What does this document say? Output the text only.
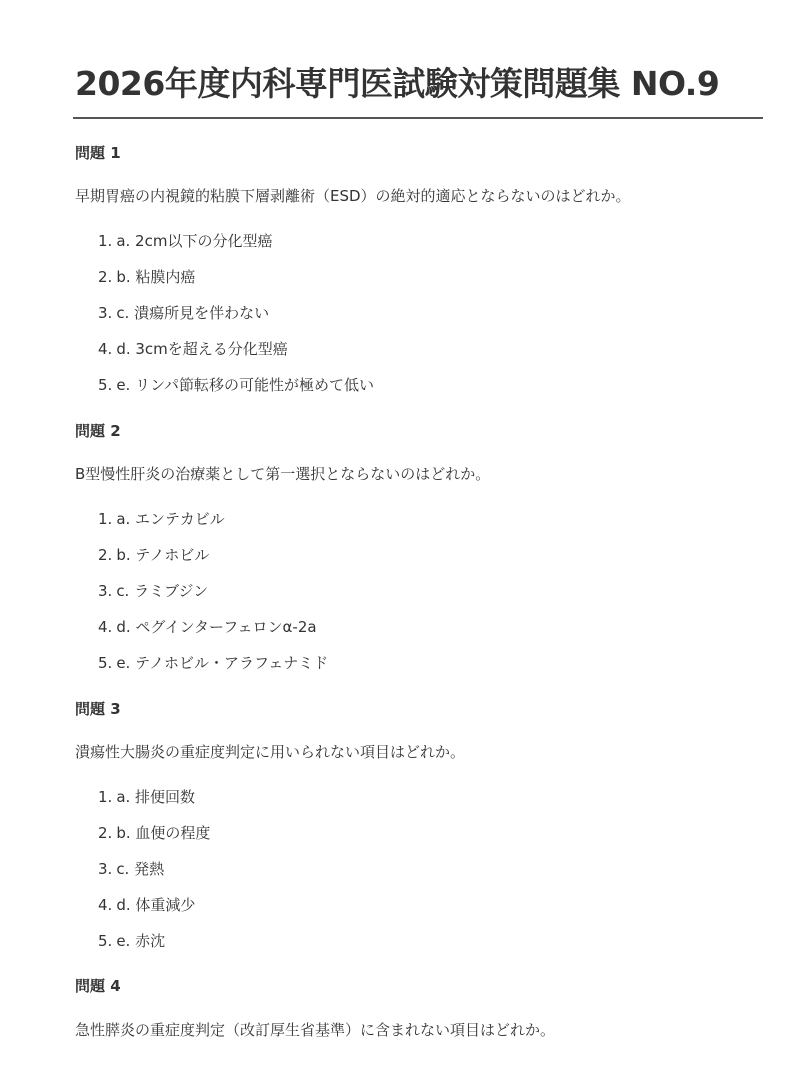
2026年度内科専門医試験対策問題集 NO.9
問題 1

早期胃癌の内視鏡的粘膜下層剥離術（ESD）の絶対的適応とならないのはどれか。

1. a. 2cm以下の分化型癌
2. b. 粘膜内癌
3. c. 潰瘍所見を伴わない
4. d. 3cmを超える分化型癌
5. e. リンパ節転移の可能性が極めて低い
問題 2

B型慢性肝炎の治療薬として第一選択とならないのはどれか。

1. a. エンテカビル
2. b. テノホビル
3. c. ラミブジン
4. d. ペグインターフェロンα-2a
5. e. テノホビル・アラフェナミド
問題 3

潰瘍性大腸炎の重症度判定に用いられない項目はどれか。

1. a. 排便回数
2. b. 血便の程度
3. c. 発熱
4. d. 体重減少
5. e. 赤沈
問題 4

急性膵炎の重症度判定（改訂厚生省基準）に含まれない項目はどれか。
